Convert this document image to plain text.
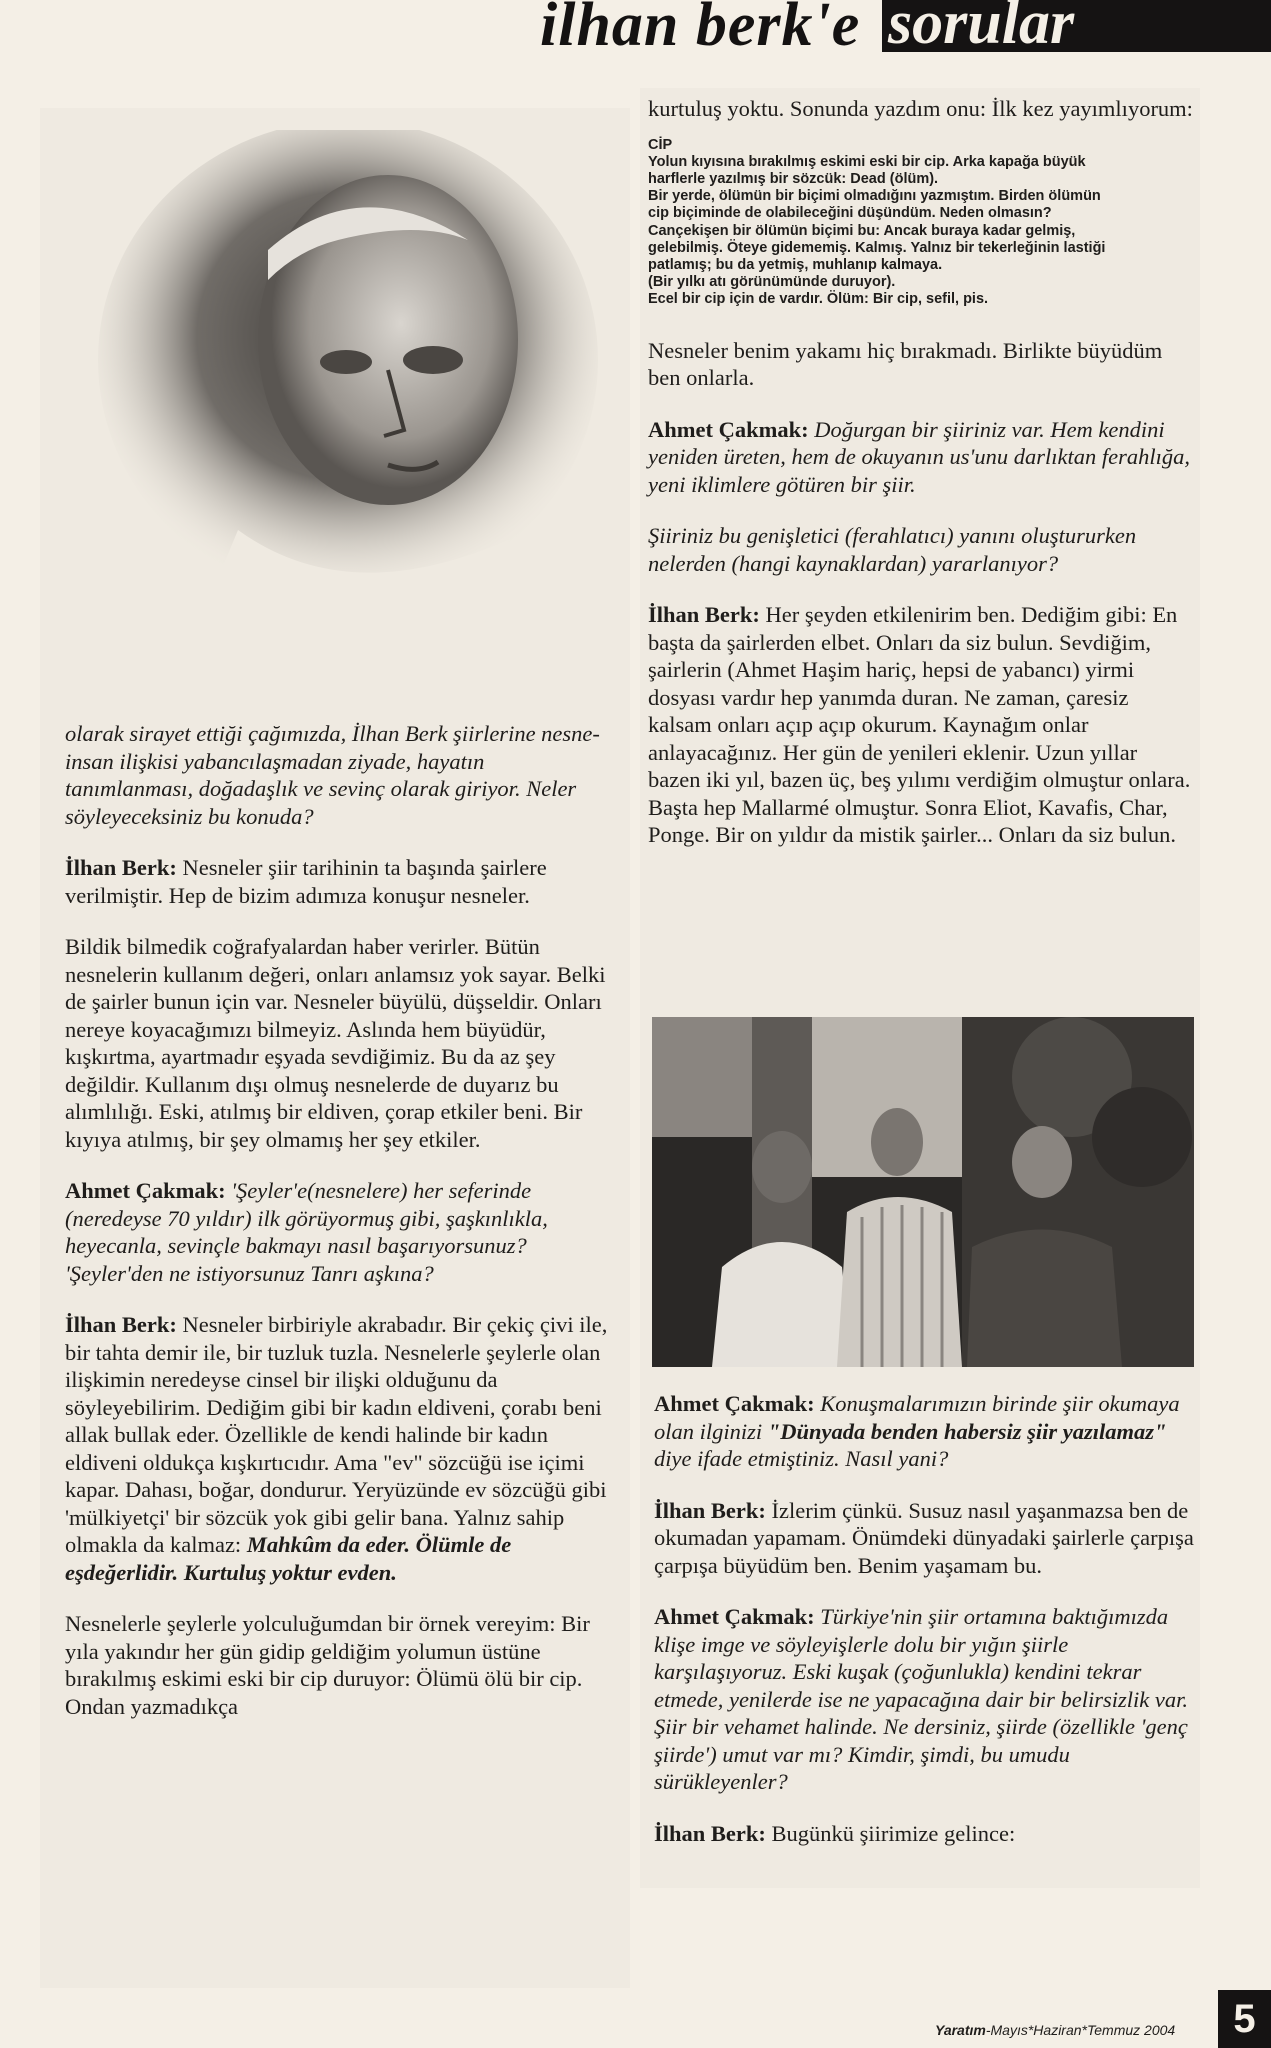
ilhan berk'e sorular

olarak sirayet ettiği çağımızda, İlhan Berk şiirlerine nesne-insan ilişkisi yabancılaşmadan ziyade, hayatın tanımlanması, doğadaşlık ve sevinç olarak giriyor. Neler söyleyeceksiniz bu konuda?

İlhan Berk: Nesneler şiir tarihinin ta başında şairlere verilmiştir. Hep de bizim adımıza konuşur nesneler.

Bildik bilmedik coğrafyalardan haber verirler. Bütün nesnelerin kullanım değeri, onları anlamsız yok sayar. Belki de şairler bunun için var. Nesneler büyülü, düşseldir. Onları nereye koyacağımızı bilmeyiz. Aslında hem büyüdür, kışkırtma, ayartmadır eşyada sevdiğimiz. Bu da az şey değildir. Kullanım dışı olmuş nesnelerde de duyarız bu alımlılığı. Eski, atılmış bir eldiven, çorap etkiler beni. Bir kıyıya atılmış, bir şey olmamış her şey etkiler.

Ahmet Çakmak: 'Şeyler'e(nesnelere) her seferinde (neredeyse 70 yıldır) ilk görüyormuş gibi, şaşkınlıkla, heyecanla, sevinçle bakmayı nasıl başarıyorsunuz? 'Şeyler'den ne istiyorsunuz Tanrı aşkına?

İlhan Berk: Nesneler birbiriyle akrabadır. Bir çekiç çivi ile, bir tahta demir ile, bir tuzluk tuzla. Nesnelerle şeylerle olan ilişkimin neredeyse cinsel bir ilişki olduğunu da söyleyebilirim. Dediğim gibi bir kadın eldiveni, çorabı beni allak bullak eder. Özellikle de kendi halinde bir kadın eldiveni oldukça kışkırtıcıdır. Ama "ev" sözcüğü ise içimi kapar. Dahası, boğar, dondurur. Yeryüzünde ev sözcüğü gibi 'mülkiyetçi' bir sözcük yok gibi gelir bana. Yalnız sahip olmakla da kalmaz: Mahkûm da eder. Ölümle de eşdeğerlidir. Kurtuluş yoktur evden.

Nesnelerle şeylerle yolculuğumdan bir örnek vereyim: Bir yıla yakındır her gün gidip geldiğim yolumun üstüne bırakılmış eskimi eski bir cip duruyor: Ölümü ölü bir cip. Ondan yazmadıkça

kurtuluş yoktu. Sonunda yazdım onu: İlk kez yayımlıyorum:

CİP
Yolun kıyısına bırakılmış eskimi eski bir cip. Arka kapağa büyük
harflerle yazılmış bir sözcük: Dead (ölüm).
Bir yerde, ölümün bir biçimi olmadığını yazmıştım. Birden ölümün
cip biçiminde de olabileceğini düşündüm. Neden olmasın?
Cançekişen bir ölümün biçimi bu: Ancak buraya kadar gelmiş,
gelebilmiş. Öteye gidememiş. Kalmış. Yalnız bir tekerleğinin lastiği
patlamış; bu da yetmiş, muhlanıp kalmaya.
(Bir yılkı atı görünümünde duruyor).
Ecel bir cip için de vardır. Ölüm: Bir cip, sefil, pis.

Nesneler benim yakamı hiç bırakmadı. Birlikte büyüdüm ben onlarla.

Ahmet Çakmak: Doğurgan bir şiiriniz var. Hem kendini yeniden üreten, hem de okuyanın us'unu darlıktan ferahlığa, yeni iklimlere götüren bir şiir.

Şiiriniz bu genişletici (ferahlatıcı) yanını oluştururken nelerden (hangi kaynaklardan) yararlanıyor?

İlhan Berk: Her şeyden etkilenirim ben. Dediğim gibi: En başta da şairlerden elbet. Onları da siz bulun. Sevdiğim, şairlerin (Ahmet Haşim hariç, hepsi de yabancı) yirmi dosyası vardır hep yanımda duran. Ne zaman, çaresiz kalsam onları açıp açıp okurum. Kaynağım onlar anlayacağınız. Her gün de yenileri eklenir. Uzun yıllar bazen iki yıl, bazen üç, beş yılımı verdiğim olmuştur onlara. Başta hep Mallarmé olmuştur. Sonra Eliot, Kavafis, Char, Ponge. Bir on yıldır da mistik şairler... Onları da siz bulun.

Ahmet Çakmak: Konuşmalarımızın birinde şiir okumaya olan ilginizi "Dünyada benden habersiz şiir yazılamaz" diye ifade etmiştiniz. Nasıl yani?

İlhan Berk: İzlerim çünkü. Susuz nasıl yaşanmazsa ben de okumadan yapamam. Önümdeki dünyadaki şairlerle çarpışa çarpışa büyüdüm ben. Benim yaşamam bu.

Ahmet Çakmak: Türkiye'nin şiir ortamına baktığımızda klişe imge ve söyleyişlerle dolu bir yığın şiirle karşılaşıyoruz. Eski kuşak (çoğunlukla) kendini tekrar etmede, yenilerde ise ne yapacağına dair bir belirsizlik var. Şiir bir vehamet halinde. Ne dersiniz, şiirde (özellikle 'genç şiirde') umut var mı? Kimdir, şimdi, bu umudu sürükleyenler?

İlhan Berk: Bugünkü şiirimize gelince:

Yaratım-Mayıs*Haziran*Temmuz 2004	5
